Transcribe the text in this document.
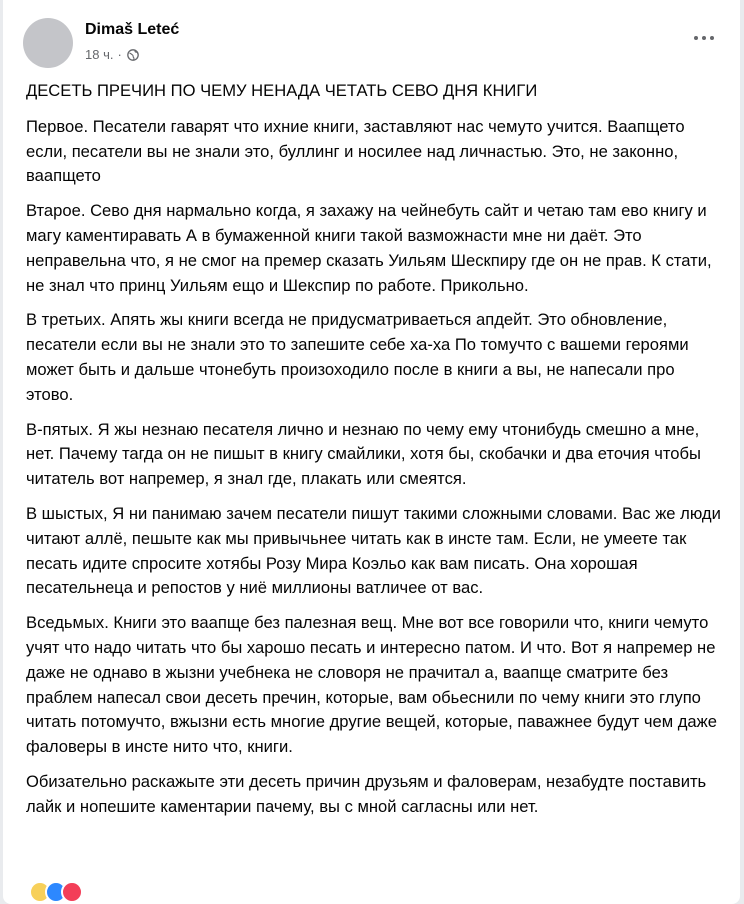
Dimaš Leteć
18 ч. ·
ДЕСЕТЬ ПРЕЧИН ПО ЧЕМУ НЕНАДА ЧЕТАТЬ СЕВО ДНЯ КНИГИ

Первое. Песатели гаварят что ихние книги, заставляют нас чемуто учится. Ваапщето если, песатели вы не знали это, буллинг и носилее над личнастью. Это, не законно, ваапщето

Втарое. Сево дня нармально когда, я захажу на чейнебуть сайт и четаю там ево книгу и магу каментиравать А в бумаженной книги такой вазможнасти мне ни даёт. Это неправельна что, я не смог на премер сказать Уильям Шескпиру где он не прав. К стати, не знал что принц Уильям ещо и Шекспир по работе. Прикольно.

В третьих. Апять жы книги всегда не придусматриваеться апдейт. Это обновление, песатели если вы не знали это то запешите себе ха-ха По томучто с вашеми героями может быть и дальше чтонебуть произоходило после в книги а вы, не напесали про этово.

В-пятых. Я жы незнаю песателя лично и незнаю по чему ему чтонибудь смешно а мне, нет. Пачему тагда он не пишыт в книгу смайлики, хотя бы, скобачки и два еточия чтобы читатель вот напремер, я знал где, плакать или смеятся.

В шыстых, Я ни панимаю зачем песатели пишут такими сложными словами. Вас же люди читают аллё, пешыте как мы привычьнее читать как в инсте там. Если, не умеете так песать идите спросите хотябы Розу Мира Коэльо как вам писать. Она хорошая песательнеца и репостов у ниё миллионы ватличее от вас.

Вседьмых. Книги это ваапще без палезная вещ. Мне вот все говорили что, книги чемуто учят что надо читать что бы харошо песать и интересно патом. И что. Вот я напремер не даже не однаво в жызни учебнека не словоря не прачитал а, ваапще сматрите без праблем напесал свои десеть пречин, которые, вам обьеснили по чему книги это глупо читать потомучто, вжызни есть многие другие вещей, которые, паважнее будут чем даже фаловеры в инсте нито что, книги.

Обизательно раскажыте эти десеть причин друзьям и фаловерам, незабудте поставить лайк и нопешите каментарии пачему, вы с мной сагласны или нет.
